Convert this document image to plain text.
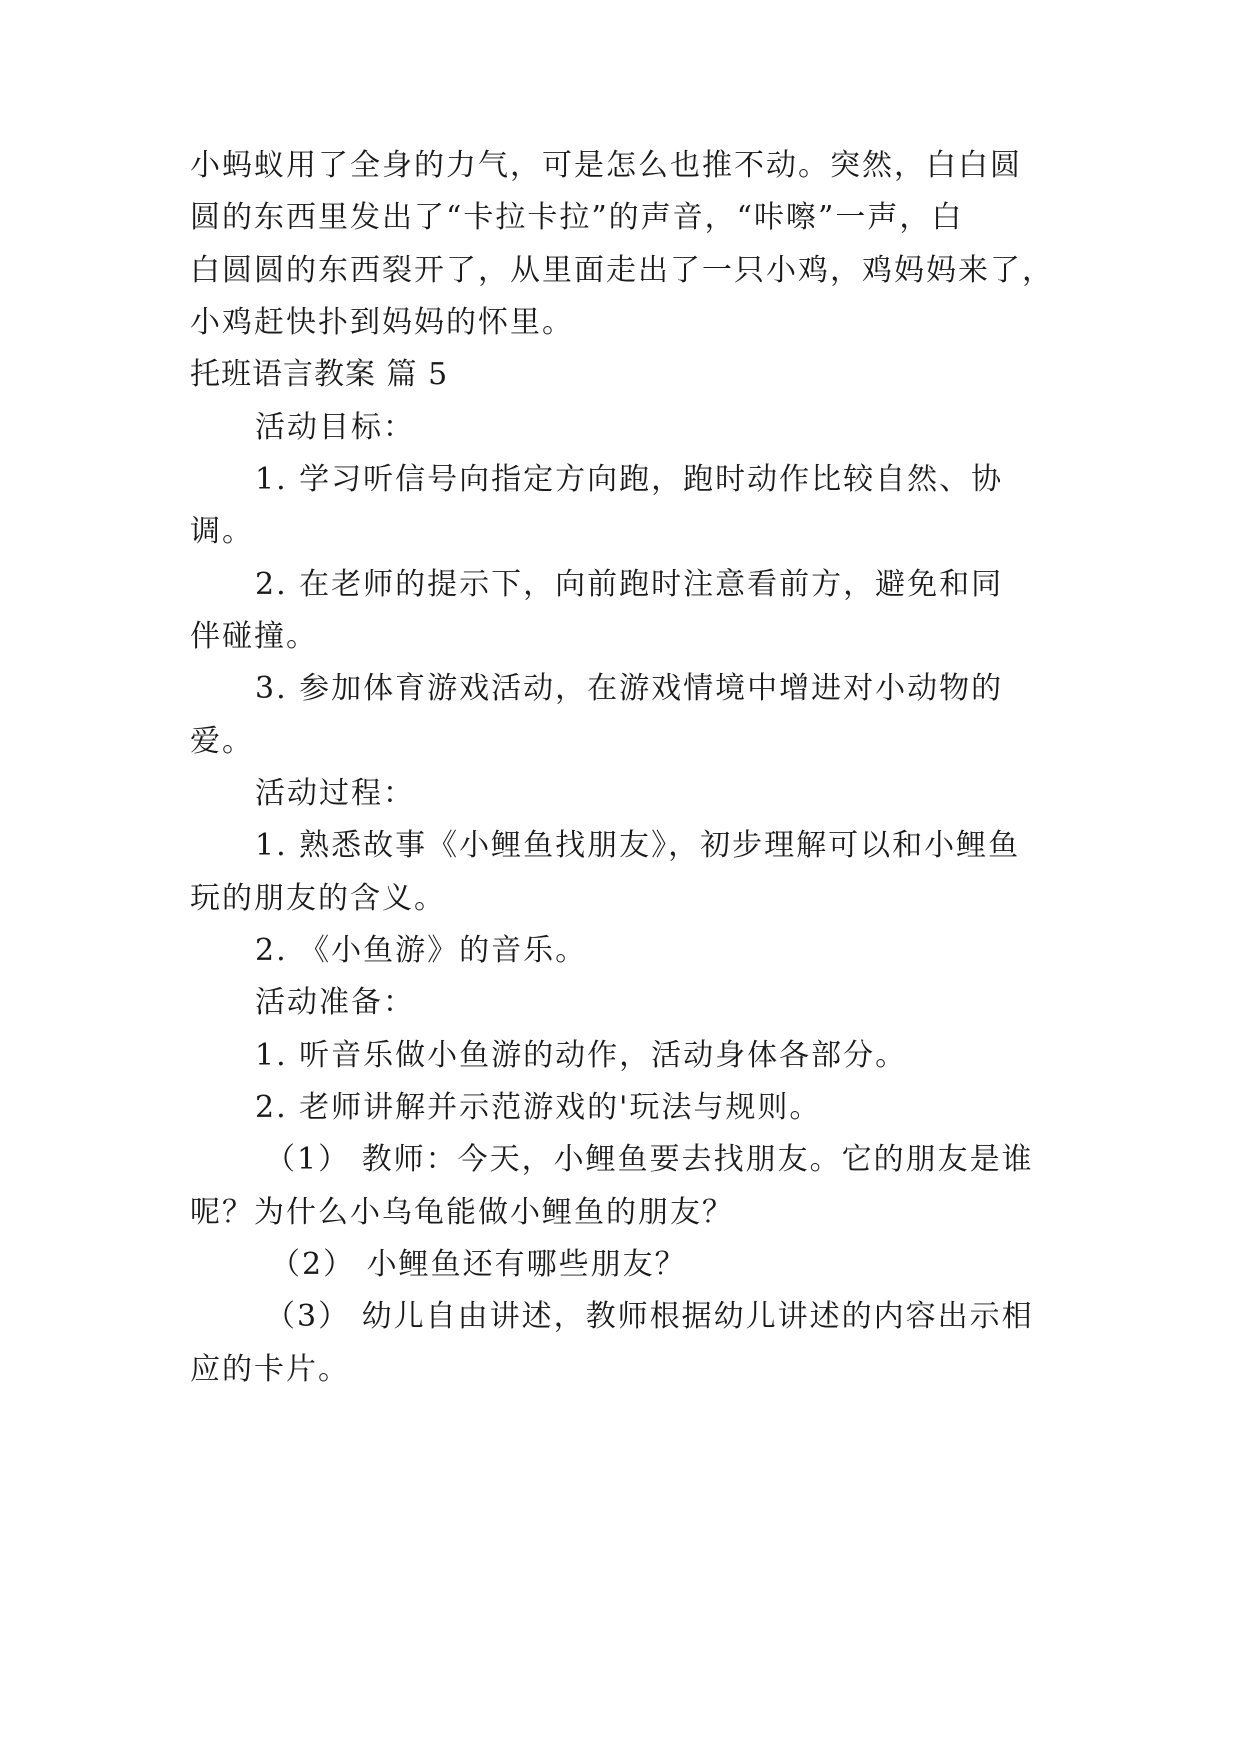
小蚂蚁用了全身的力气，可是怎么也推不动。突然，白白圆
圆的东西里发出了“卡拉卡拉”的声音，“咔嚓”一声，白
白圆圆的东西裂开了，从里面走出了一只小鸡，鸡妈妈来了，
小鸡赶快扑到妈妈的怀里。
托班语言教案 篇 5
活动目标：
1. 学习听信号向指定方向跑，跑时动作比较自然、协
调。
2. 在老师的提示下，向前跑时注意看前方，避免和同
伴碰撞。
3. 参加体育游戏活动，在游戏情境中增进对小动物的
爱。
活动过程：
1. 熟悉故事《小鲤鱼找朋友》，初步理解可以和小鲤鱼
玩的朋友的含义。
2. 《小鱼游》的音乐。
活动准备：
1. 听音乐做小鱼游的动作，活动身体各部分。
2. 老师讲解并示范游戏的'玩法与规则。
（1） 教师：今天，小鲤鱼要去找朋友。它的朋友是谁
呢？为什么小乌龟能做小鲤鱼的朋友？
（2） 小鲤鱼还有哪些朋友？
（3） 幼儿自由讲述，教师根据幼儿讲述的内容出示相
应的卡片。
